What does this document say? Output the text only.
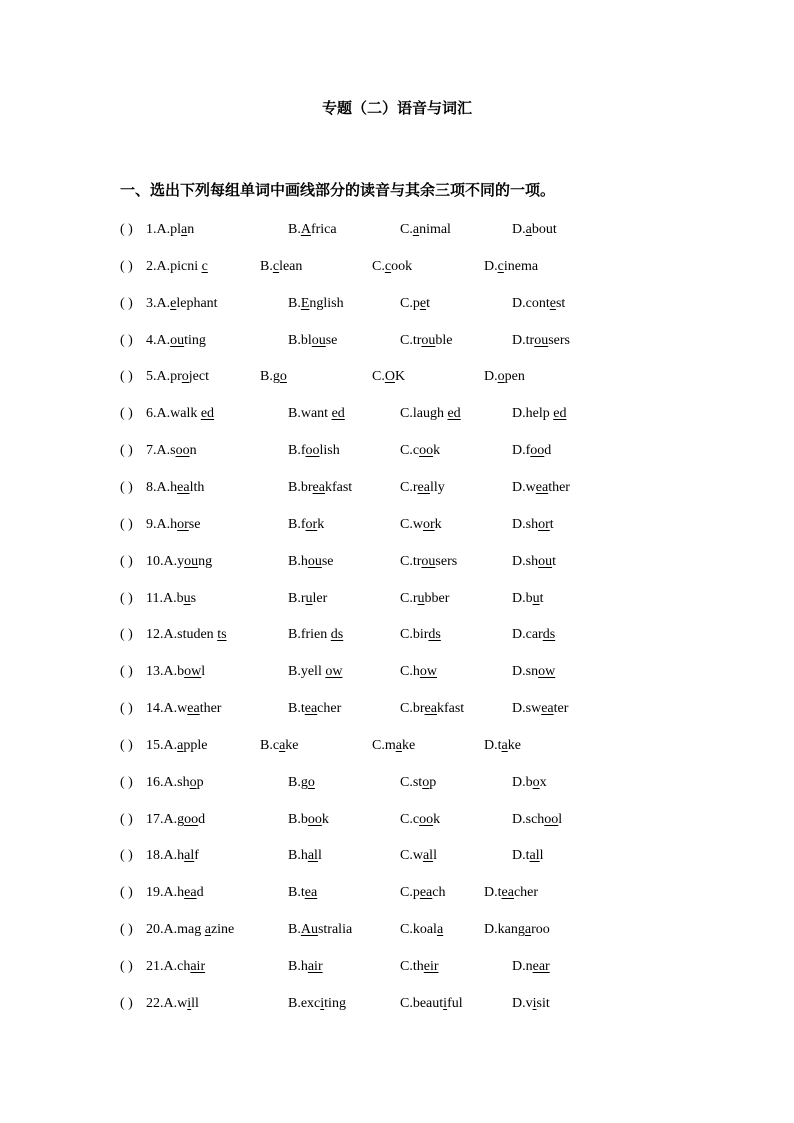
专题（二）语音与词汇
一、选出下列每组单词中画线部分的读音与其余三项不同的一项。
( ) 1.A.plan	B.Africa	C.animal	D.about
( ) 2.A.picni c	B.clean	C.cook	D.cinema
( ) 3.A.elephant	B.English	C.pet	D.contest
( ) 4.A.outing	B.blouse	C.trouble	D.trousers
( ) 5.A.project	B.go	C.OK	D.open
( ) 6.A.walk ed	B.want ed	C.laugh ed	D.help ed
( ) 7.A.soon	B.foolish	C.cook	D.food
( ) 8.A.health	B.breakfast	C.really	D.weather
( ) 9.A.horse	B.fork	C.work	D.short
( ) 10.A.young	B.house	C.trousers	D.shout
( ) 11.A.bus	B.ruler	C.rubber	D.but
( ) 12.A.studen ts	B.frien ds	C.birds	D.cards
( ) 13.A.bowl	B.yell ow	C.how	D.snow
( ) 14.A.weather	B.teacher	C.breakfast	D.sweater
( ) 15.A.apple	B.cake	C.make	D.take
( ) 16.A.shop	B.go	C.stop	D.box
( ) 17.A.good	B.book	C.cook	D.school
( ) 18.A.half	B.hall	C.wall	D.tall
( ) 19.A.head	B.tea	C.peach	D.teacher
( ) 20.A.mag azine	B.Australia	C.koala	D.kangaroo
( ) 21.A.chair	B.hair	C.their	D.near
( ) 22.A.will	B.exciting	C.beautiful	D.visit
